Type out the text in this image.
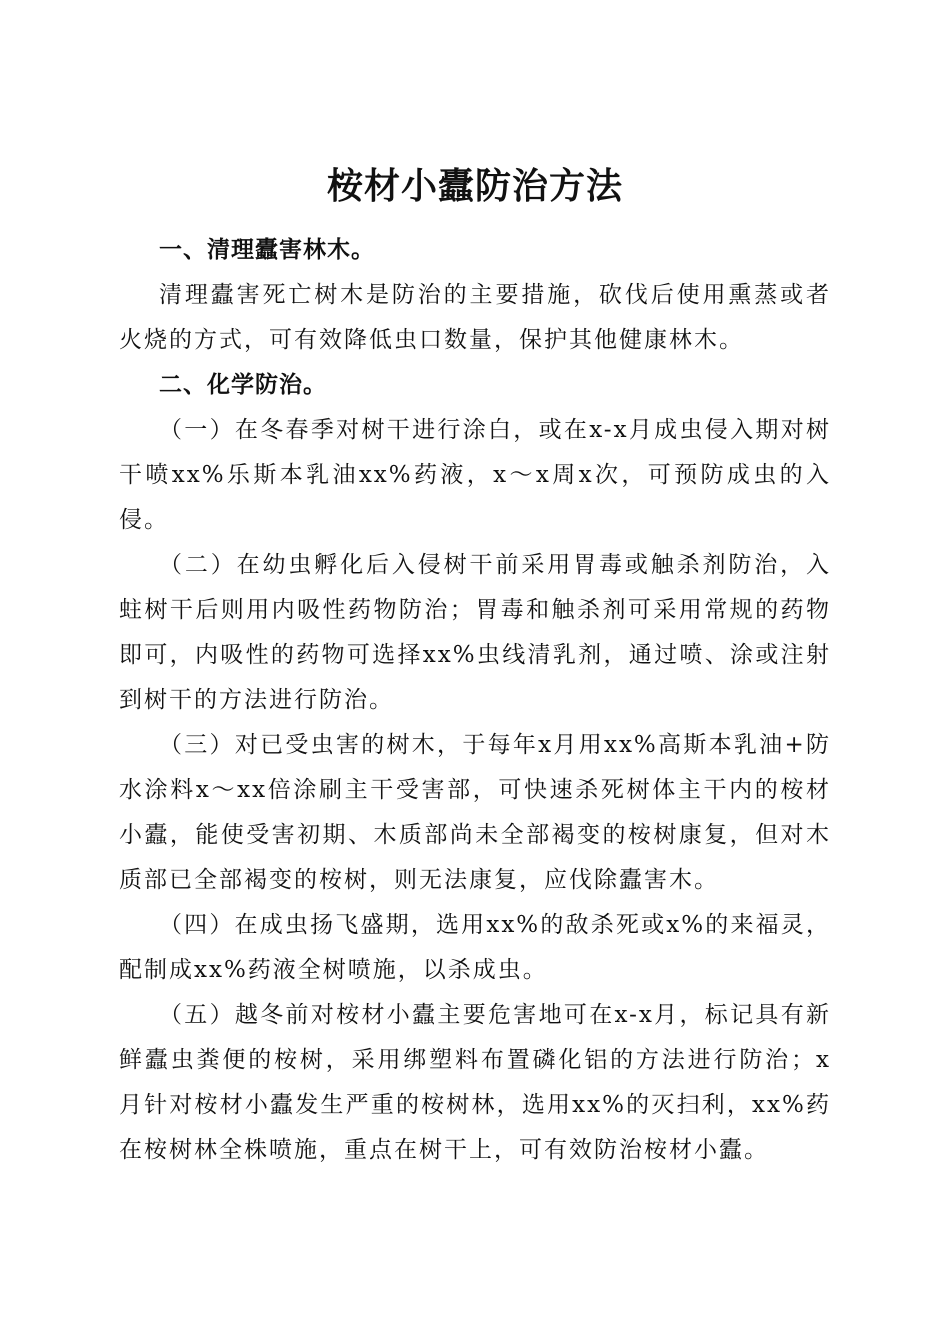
桉材小蠹防治方法

一、清理蠹害林木。

清理蠹害死亡树木是防治的主要措施，砍伐后使用熏蒸或者火烧的方式，可有效降低虫口数量，保护其他健康林木。

二、化学防治。

（一）在冬春季对树干进行涂白，或在x-x月成虫侵入期对树干喷xx%乐斯本乳油xx%药液，x～x周x次，可预防成虫的入侵。

（二）在幼虫孵化后入侵树干前采用胃毒或触杀剂防治，入蛀树干后则用内吸性药物防治；胃毒和触杀剂可采用常规的药物即可，内吸性的药物可选择xx%虫线清乳剂，通过喷、涂或注射到树干的方法进行防治。

（三）对已受虫害的树木，于每年x月用xx%高斯本乳油+防水涂料x～xx倍涂刷主干受害部，可快速杀死树体主干内的桉材小蠹，能使受害初期、木质部尚未全部褐变的桉树康复，但对木质部已全部褐变的桉树，则无法康复，应伐除蠹害木。

（四）在成虫扬飞盛期，选用xx%的敌杀死或x%的来福灵，配制成xx%药液全树喷施，以杀成虫。

（五）越冬前对桉材小蠹主要危害地可在x-x月，标记具有新鲜蠹虫粪便的桉树，采用绑塑料布置磷化铝的方法进行防治；x月针对桉材小蠹发生严重的桉树林，选用xx%的灭扫利，xx%药在桉树林全株喷施，重点在树干上，可有效防治桉材小蠹。
